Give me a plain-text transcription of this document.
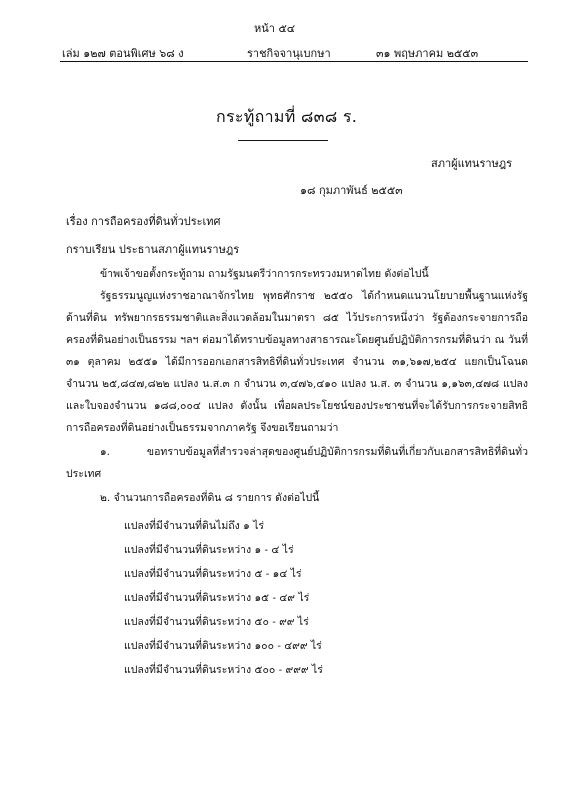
หน้า ๕๔
เล่ม ๑๒๗ ตอนพิเศษ ๖๘ ง	ราชกิจจานุเบกษา	๓๑ พฤษภาคม ๒๕๕๓
กระทู้ถามที่ ๘๓๘ ร.
สภาผู้แทนราษฎร
๑๘ กุมภาพันธ์ ๒๕๕๓
เรื่อง การถือครองที่ดินทั่วประเทศ
กราบเรียน ประธานสภาผู้แทนราษฎร
ข้าพเจ้าขอตั้งกระทู้ถาม ถามรัฐมนตรีว่าการกระทรวงมหาดไทย ดังต่อไปนี้
รัฐธรรมนูญแห่งราชอาณาจักรไทย พุทธศักราช ๒๕๕๐ ได้กำหนดแนวนโยบายพื้นฐานแห่งรัฐด้านที่ดิน ทรัพยากรธรรมชาติและสิ่งแวดล้อมในมาตรา ๘๕ ไว้ประการหนึ่งว่า รัฐต้องกระจายการถือครองที่ดินอย่างเป็นธรรม ฯลฯ ต่อมาได้ทราบข้อมูลทางสาธารณะโดยศูนย์ปฏิบัติการกรมที่ดินว่า ณ วันที่ ๓๑ ตุลาคม ๒๕๕๑ ได้มีการออกเอกสารสิทธิที่ดินทั่วประเทศ จำนวน ๓๑,๖๑๗,๒๕๔ แยกเป็นโฉนดจำนวน ๒๕,๘๔๗,๘๒๒ แปลง น.ส.๓ ก จำนวน ๓,๔๗๖,๔๑๐ แปลง น.ส. ๓ จำนวน ๑,๑๖๓,๔๗๘ แปลง และใบจองจำนวน ๑๘๘,๐๐๔ แปลง ดังนั้น เพื่อผลประโยชน์ของประชาชนที่จะได้รับการกระจายสิทธิการถือครองที่ดินอย่างเป็นธรรมจากภาครัฐ จึงขอเรียนถามว่า
๑. ขอทราบข้อมูลที่สำรวจล่าสุดของศูนย์ปฏิบัติการกรมที่ดินที่เกี่ยวกับเอกสารสิทธิที่ดินทั่วประเทศ
๒. จำนวนการถือครองที่ดิน ๘ รายการ ดังต่อไปนี้
แปลงที่มีจำนวนที่ดินไม่ถึง ๑ ไร่
แปลงที่มีจำนวนที่ดินระหว่าง ๑ - ๔ ไร่
แปลงที่มีจำนวนที่ดินระหว่าง ๕ - ๑๔ ไร่
แปลงที่มีจำนวนที่ดินระหว่าง ๑๕ - ๔๙ ไร่
แปลงที่มีจำนวนที่ดินระหว่าง ๕๐ - ๙๙ ไร่
แปลงที่มีจำนวนที่ดินระหว่าง ๑๐๐ - ๔๙๙ ไร่
แปลงที่มีจำนวนที่ดินระหว่าง ๕๐๐ - ๙๙๙ ไร่
